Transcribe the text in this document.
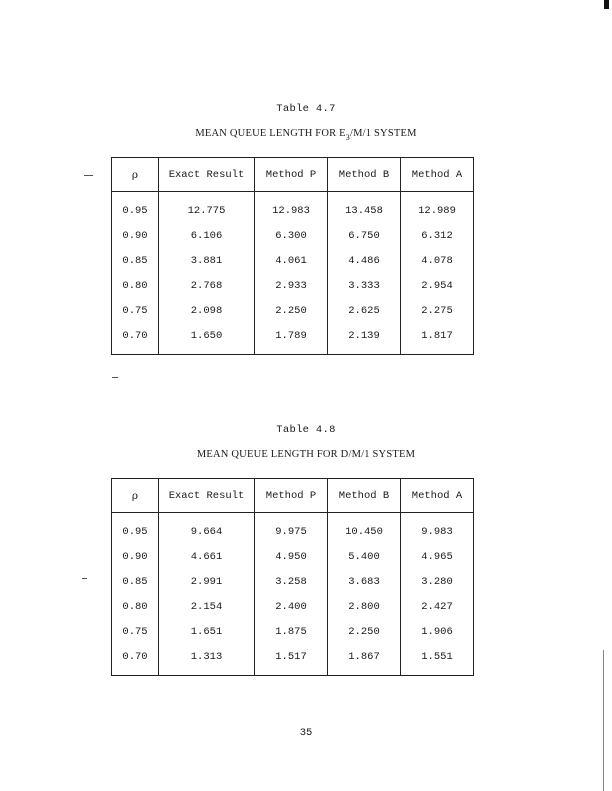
Table 4.7
MEAN QUEUE LENGTH FOR $E_3/M/1$ SYSTEM
ρ	Exact Result	Method P	Method B	Method A
0.95	12.775	12.983	13.458	12.989
0.90	6.106	6.300	6.750	6.312
0.85	3.881	4.061	4.486	4.078
0.80	2.768	2.933	3.333	2.954
0.75	2.098	2.250	2.625	2.275
0.70	1.650	1.789	2.139	1.817
Table 4.8
MEAN QUEUE LENGTH FOR D/M/1 SYSTEM
ρ	Exact Result	Method P	Method B	Method A
0.95	9.664	9.975	10.450	9.983
0.90	4.661	4.950	5.400	4.965
0.85	2.991	3.258	3.683	3.280
0.80	2.154	2.400	2.800	2.427
0.75	1.651	1.875	2.250	1.906
0.70	1.313	1.517	1.867	1.551
35
